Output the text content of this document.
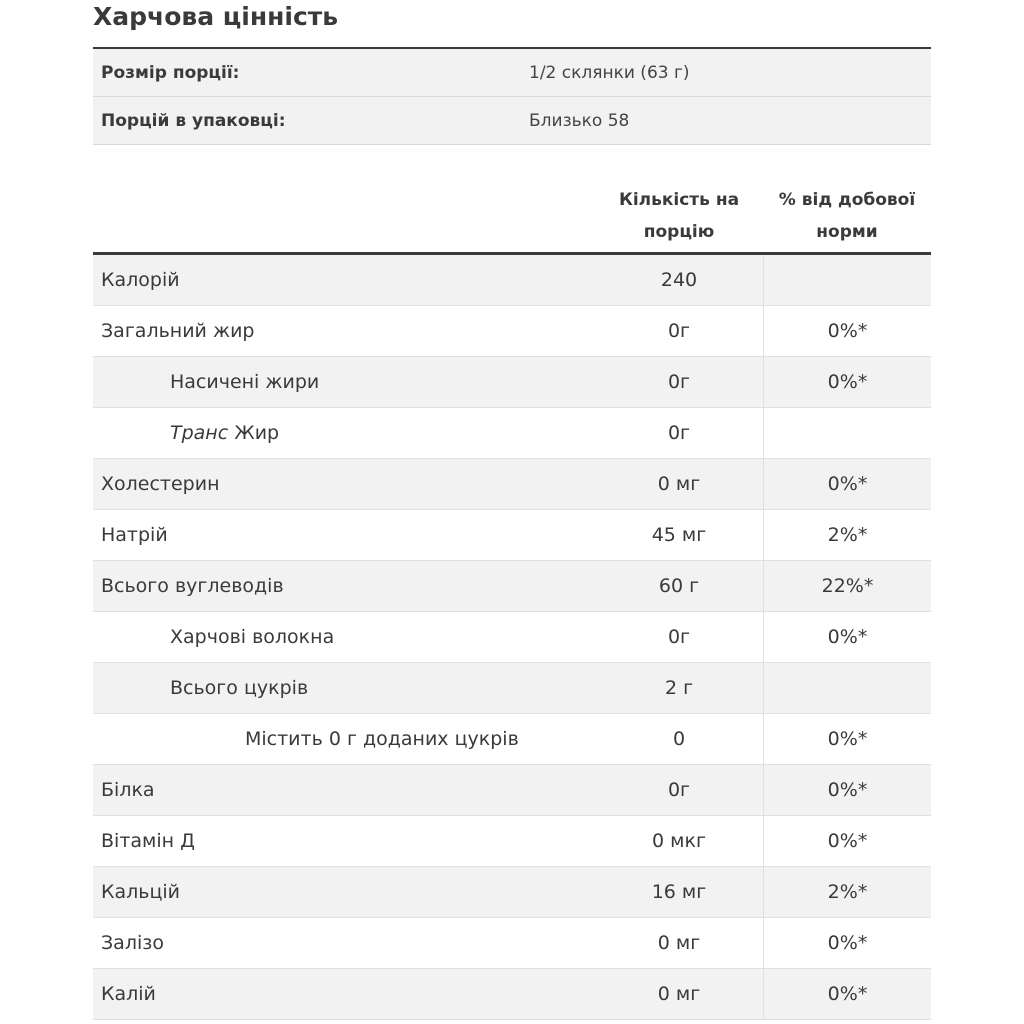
Харчова цінність
Розмір порції:	1/2 склянки (63 г)
Порцій в упаковці:	Близько 58
Кількість на
порцію
% від добової
норми
Калорій	240
Загальний жир	0г	0%*
Насичені жири	0г	0%*
Транс Жир	0г
Холестерин	0 мг	0%*
Натрій	45 мг	2%*
Всього вуглеводів	60 г	22%*
Харчові волокна	0г	0%*
Всього цукрів	2 г
Містить 0 г доданих цукрів	0	0%*
Білка	0г	0%*
Вітамін Д	0 мкг	0%*
Кальцій	16 мг	2%*
Залізо	0 мг	0%*
Калій	0 мг	0%*
